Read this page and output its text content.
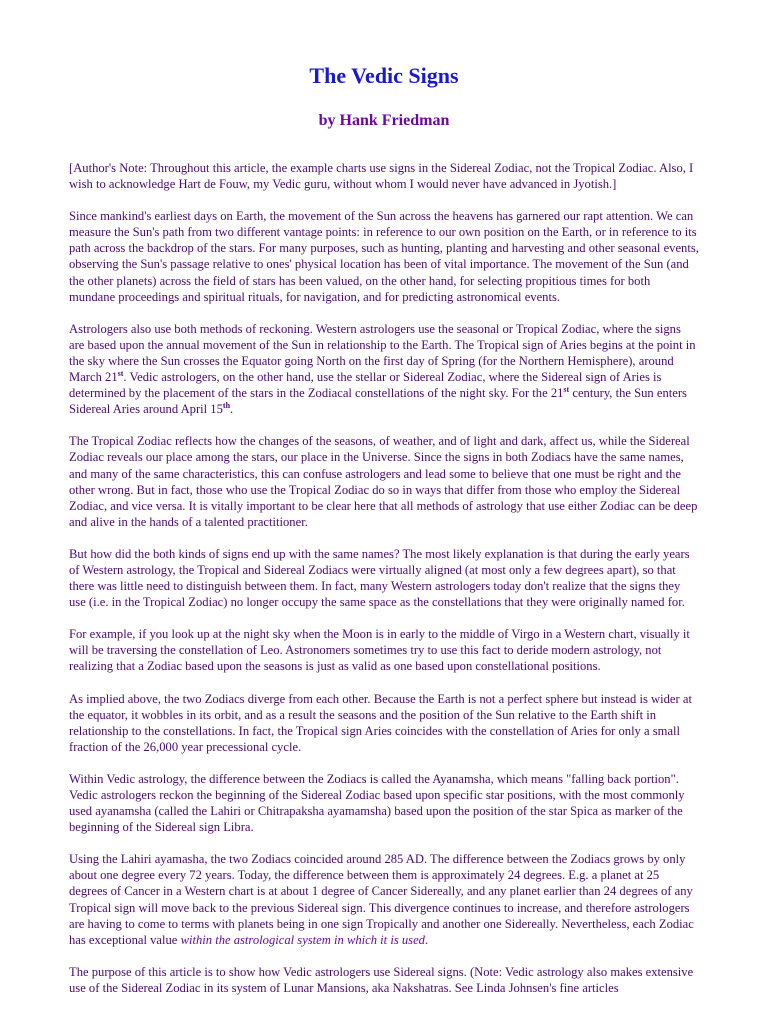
The Vedic Signs
by Hank Friedman

[Author's Note: Throughout this article, the example charts use signs in the Sidereal Zodiac, not the Tropical Zodiac. Also, I wish to acknowledge Hart de Fouw, my Vedic guru, without whom I would never have advanced in Jyotish.]

Since mankind's earliest days on Earth, the movement of the Sun across the heavens has garnered our rapt attention. We can measure the Sun's path from two different vantage points: in reference to our own position on the Earth, or in reference to its path across the backdrop of the stars. For many purposes, such as hunting, planting and harvesting and other seasonal events, observing the Sun's passage relative to ones' physical location has been of vital importance. The movement of the Sun (and the other planets) across the field of stars has been valued, on the other hand, for selecting propitious times for both mundane proceedings and spiritual rituals, for navigation, and for predicting astronomical events.

Astrologers also use both methods of reckoning. Western astrologers use the seasonal or Tropical Zodiac, where the signs are based upon the annual movement of the Sun in relationship to the Earth. The Tropical sign of Aries begins at the point in the sky where the Sun crosses the Equator going North on the first day of Spring (for the Northern Hemisphere), around March 21st. Vedic astrologers, on the other hand, use the stellar or Sidereal Zodiac, where the Sidereal sign of Aries is determined by the placement of the stars in the Zodiacal constellations of the night sky. For the 21st century, the Sun enters Sidereal Aries around April 15th.

The Tropical Zodiac reflects how the changes of the seasons, of weather, and of light and dark, affect us, while the Sidereal Zodiac reveals our place among the stars, our place in the Universe. Since the signs in both Zodiacs have the same names, and many of the same characteristics, this can confuse astrologers and lead some to believe that one must be right and the other wrong. But in fact, those who use the Tropical Zodiac do so in ways that differ from those who employ the Sidereal Zodiac, and vice versa. It is vitally important to be clear here that all methods of astrology that use either Zodiac can be deep and alive in the hands of a talented practitioner.

But how did the both kinds of signs end up with the same names? The most likely explanation is that during the early years of Western astrology, the Tropical and Sidereal Zodiacs were virtually aligned (at most only a few degrees apart), so that there was little need to distinguish between them. In fact, many Western astrologers today don't realize that the signs they use (i.e. in the Tropical Zodiac) no longer occupy the same space as the constellations that they were originally named for.

For example, if you look up at the night sky when the Moon is in early to the middle of Virgo in a Western chart, visually it will be traversing the constellation of Leo. Astronomers sometimes try to use this fact to deride modern astrology, not realizing that a Zodiac based upon the seasons is just as valid as one based upon constellational positions.

As implied above, the two Zodiacs diverge from each other. Because the Earth is not a perfect sphere but instead is wider at the equator, it wobbles in its orbit, and as a result the seasons and the position of the Sun relative to the Earth shift in relationship to the constellations. In fact, the Tropical sign Aries coincides with the constellation of Aries for only a small fraction of the 26,000 year precessional cycle.

Within Vedic astrology, the difference between the Zodiacs is called the Ayanamsha, which means "falling back portion". Vedic astrologers reckon the beginning of the Sidereal Zodiac based upon specific star positions, with the most commonly used ayanamsha (called the Lahiri or Chitrapaksha ayamamsha) based upon the position of the star Spica as marker of the beginning of the Sidereal sign Libra.

Using the Lahiri ayamasha, the two Zodiacs coincided around 285 AD. The difference between the Zodiacs grows by only about one degree every 72 years. Today, the difference between them is approximately 24 degrees. E.g. a planet at 25 degrees of Cancer in a Western chart is at about 1 degree of Cancer Sidereally, and any planet earlier than 24 degrees of any Tropical sign will move back to the previous Sidereal sign. This divergence continues to increase, and therefore astrologers are having to come to terms with planets being in one sign Tropically and another one Sidereally. Nevertheless, each Zodiac has exceptional value within the astrological system in which it is used.

The purpose of this article is to show how Vedic astrologers use Sidereal signs. (Note: Vedic astrology also makes extensive use of the Sidereal Zodiac in its system of Lunar Mansions, aka Nakshatras. See Linda Johnsen's fine articles
